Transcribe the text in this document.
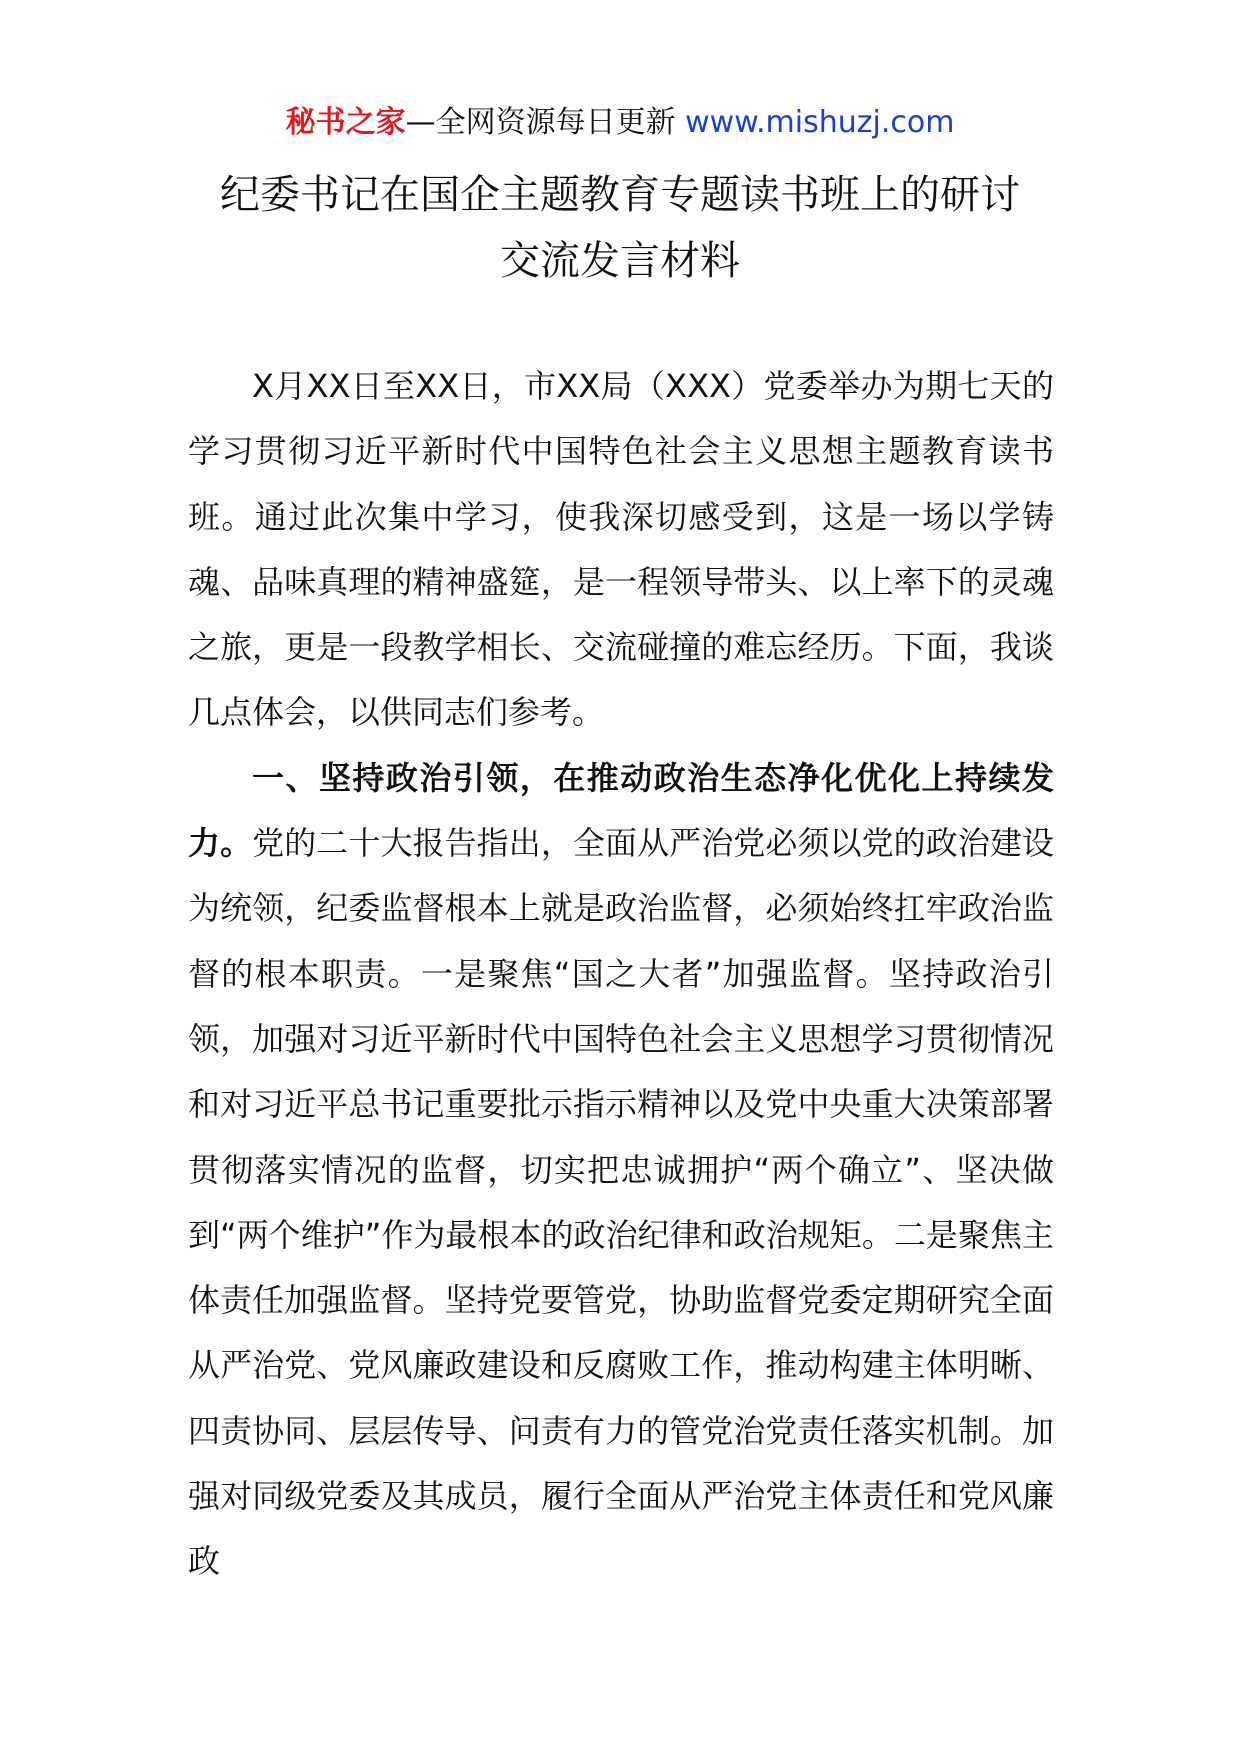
秘书之家—全网资源每日更新 www.mishuzj.com
纪委书记在国企主题教育专题读书班上的研讨
交流发言材料

X月XX日至XX日，市XX局（XXX）党委举办为期七天的学习贯彻习近平新时代中国特色社会主义思想主题教育读书班。通过此次集中学习，使我深切感受到，这是一场以学铸魂、品味真理的精神盛筵，是一程领导带头、以上率下的灵魂之旅，更是一段教学相长、交流碰撞的难忘经历。下面，我谈几点体会，以供同志们参考。

一、坚持政治引领，在推动政治生态净化优化上持续发力。党的二十大报告指出，全面从严治党必须以党的政治建设为统领，纪委监督根本上就是政治监督，必须始终扛牢政治监督的根本职责。一是聚焦“国之大者”加强监督。坚持政治引领，加强对习近平新时代中国特色社会主义思想学习贯彻情况和对习近平总书记重要批示指示精神以及党中央重大决策部署贯彻落实情况的监督，切实把忠诚拥护“两个确立”、坚决做到“两个维护”作为最根本的政治纪律和政治规矩。二是聚焦主体责任加强监督。坚持党要管党，协助监督党委定期研究全面从严治党、党风廉政建设和反腐败工作，推动构建主体明晰、四责协同、层层传导、问责有力的管党治党责任落实机制。加强对同级党委及其成员，履行全面从严治党主体责任和党风廉政
